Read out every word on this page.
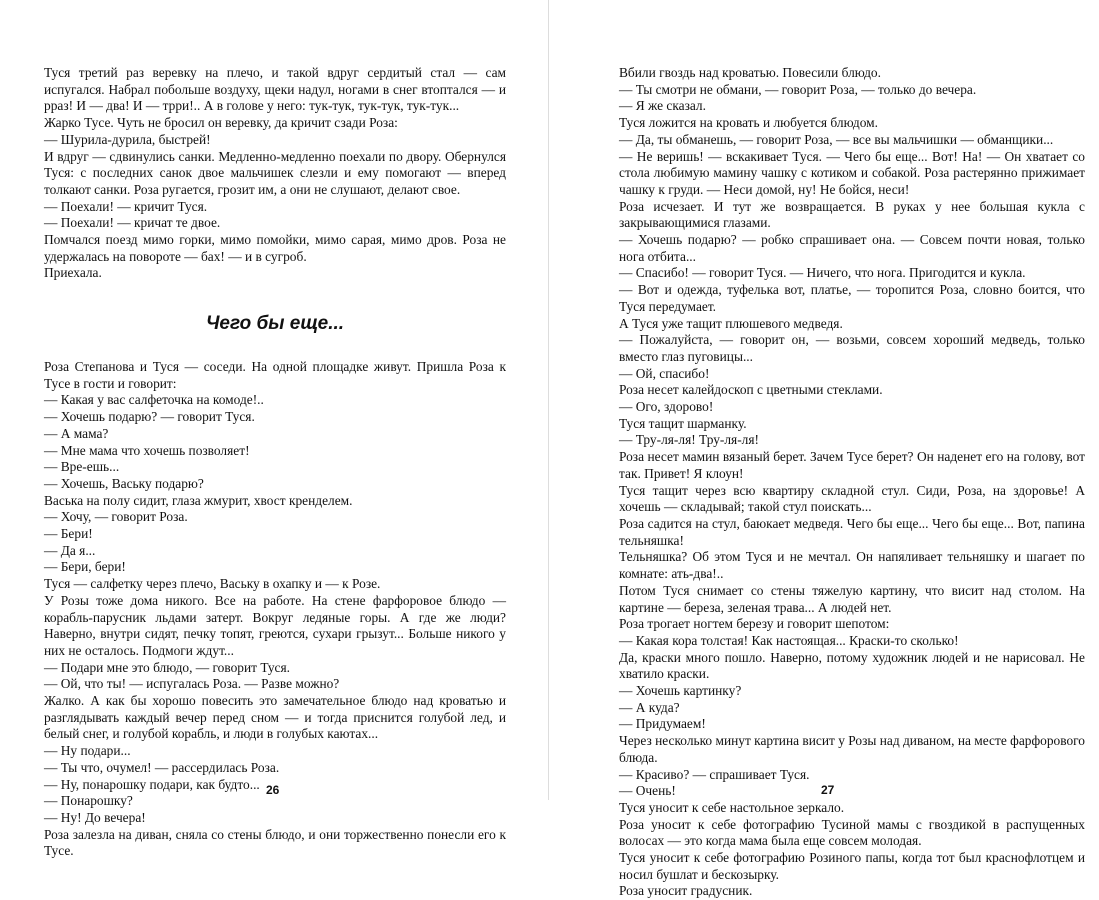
Туся третий раз веревку на плечо, и такой вдруг сердитый стал — сам испугался. Набрал побольше воздуху, щеки надул, ногами в снег втоптался — и рраз! И — два! И — трри!.. А в голове у него: тук-тук, тук-тук, тук-тук...

Жарко Тусе. Чуть не бросил он веревку, да кричит сзади Роза:

— Шурила-дурила, быстрей!

И вдруг — сдвинулись санки. Медленно-медленно поехали по двору. Обернулся Туся: с последних санок двое мальчишек слезли и ему помогают — вперед толкают санки. Роза ругается, грозит им, а они не слушают, делают свое.

— Поехали! — кричит Туся.

— Поехали! — кричат те двое.

Помчался поезд мимо горки, мимо помойки, мимо сарая, мимо дров. Роза не удержалась на повороте — бах! — и в сугроб.

Приехала.

Чего бы еще...

Роза Степанова и Туся — соседи. На одной площадке живут. Пришла Роза к Тусе в гости и говорит:

— Какая у вас салфеточка на комоде!..

— Хочешь подарю? — говорит Туся.

— А мама?

— Мне мама что хочешь позволяет!

— Вре-ешь...

— Хочешь, Ваську подарю?

Васька на полу сидит, глаза жмурит, хвост кренделем.

— Хочу, — говорит Роза.

— Бери!

— Да я...

— Бери, бери!

Туся — салфетку через плечо, Ваську в охапку и — к Розе.

У Розы тоже дома никого. Все на работе. На стене фарфоровое блюдо — корабль-парусник льдами затерт. Вокруг ледяные горы. А где же люди? Наверно, внутри сидят, печку топят, греются, сухари грызут... Больше никого у них не осталось. Подмоги ждут...

— Подари мне это блюдо, — говорит Туся.

— Ой, что ты! — испугалась Роза. — Разве можно?

Жалко. А как бы хорошо повесить это замечательное блюдо над кроватью и разглядывать каждый вечер перед сном — и тогда приснится голубой лед, и белый снег, и голубой корабль, и люди в голубых каютах...

— Ну подари...

— Ты что, очумел! — рассердилась Роза.

— Ну, понарошку подари, как будто...

— Понарошку?

— Ну! До вечера!

Роза залезла на диван, сняла со стены блюдо, и они торжественно понесли его к Тусе.

26

Вбили гвоздь над кроватью. Повесили блюдо.

— Ты смотри не обмани, — говорит Роза, — только до вечера.

— Я же сказал.

Туся ложится на кровать и любуется блюдом.

— Да, ты обманешь, — говорит Роза, — все вы мальчишки — обманщики...

— Не веришь! — вскакивает Туся. — Чего бы еще... Вот! На! — Он хватает со стола любимую мамину чашку с котиком и собакой. Роза растерянно прижимает чашку к груди. — Неси домой, ну! Не бойся, неси!

Роза исчезает. И тут же возвращается. В руках у нее большая кукла с закрывающимися глазами.

— Хочешь подарю? — робко спрашивает она. — Совсем почти новая, только нога отбита...

— Спасибо! — говорит Туся. — Ничего, что нога. Пригодится и кукла.

— Вот и одежда, туфелька вот, платье, — торопится Роза, словно боится, что Туся передумает.

А Туся уже тащит плюшевого медведя.

— Пожалуйста, — говорит он, — возьми, совсем хороший медведь, только вместо глаз пуговицы...

— Ой, спасибо!

Роза несет калейдоскоп с цветными стеклами.

— Ого, здорово!

Туся тащит шарманку.

— Тру-ля-ля! Тру-ля-ля!

Роза несет мамин вязаный берет. Зачем Тусе берет? Он наденет его на голову, вот так. Привет! Я клоун!

Туся тащит через всю квартиру складной стул. Сиди, Роза, на здоровье! А хочешь — складывай; такой стул поискать...

Роза садится на стул, баюкает медведя. Чего бы еще... Чего бы еще... Вот, папина тельняшка!

Тельняшка? Об этом Туся и не мечтал. Он напяливает тельняшку и шагает по комнате: ать-два!..

Потом Туся снимает со стены тяжелую картину, что висит над столом. На картине — береза, зеленая трава... А людей нет.

Роза трогает ногтем березу и говорит шепотом:

— Какая кора толстая! Как настоящая... Краски-то сколько!

Да, краски много пошло. Наверно, потому художник людей и не нарисовал. Не хватило краски.

— Хочешь картинку?

— А куда?

— Придумаем!

Через несколько минут картина висит у Розы над диваном, на месте фарфорового блюда.

— Красиво? — спрашивает Туся.

— Очень!

Туся уносит к себе настольное зеркало.

Роза уносит к себе фотографию Тусиной мамы с гвоздикой в распущенных волосах — это когда мама была еще совсем молодая.

Туся уносит к себе фотографию Розиного папы, когда тот был краснофлотцем и носил бушлат и бескозырку.

Роза уносит градусник.

27
